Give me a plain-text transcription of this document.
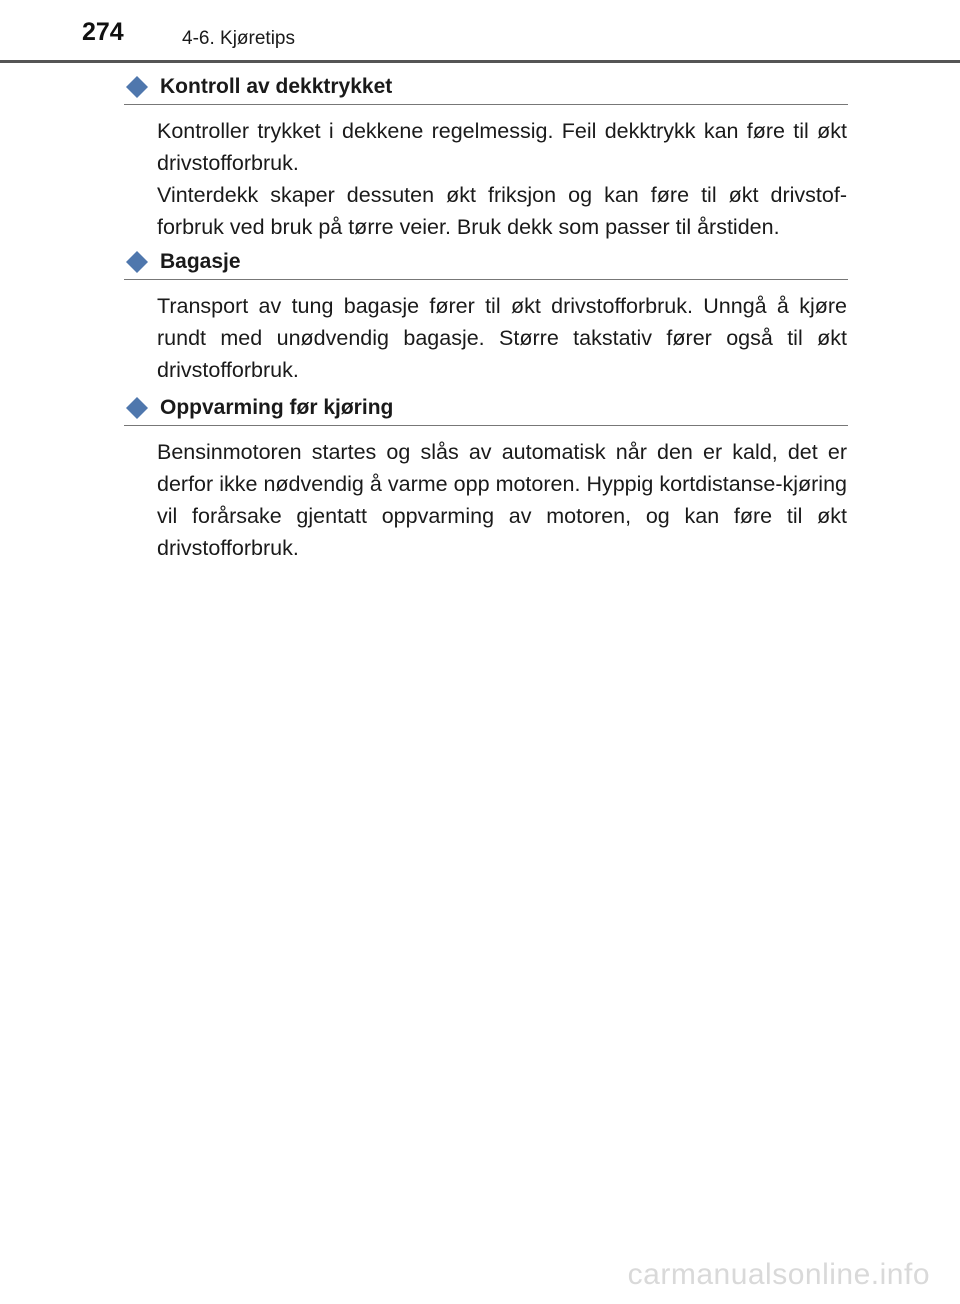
274	4-6. Kjøretips
Kontroll av dekktrykket

Kontroller trykket i dekkene regelmessig. Feil dekktrykk kan føre til økt drivstofforbruk.

Vinterdekk skaper dessuten økt friksjon og kan føre til økt drivstof-forbruk ved bruk på tørre veier. Bruk dekk som passer til årstiden.

Bagasje

Transport av tung bagasje fører til økt drivstofforbruk. Unngå å kjøre rundt med unødvendig bagasje. Større takstativ fører også til økt drivstofforbruk.

Oppvarming før kjøring

Bensinmotoren startes og slås av automatisk når den er kald, det er derfor ikke nødvendig å varme opp motoren. Hyppig kortdistanse-kjøring vil forårsake gjentatt oppvarming av motoren, og kan føre til økt drivstofforbruk.

carmanualsonline.info
